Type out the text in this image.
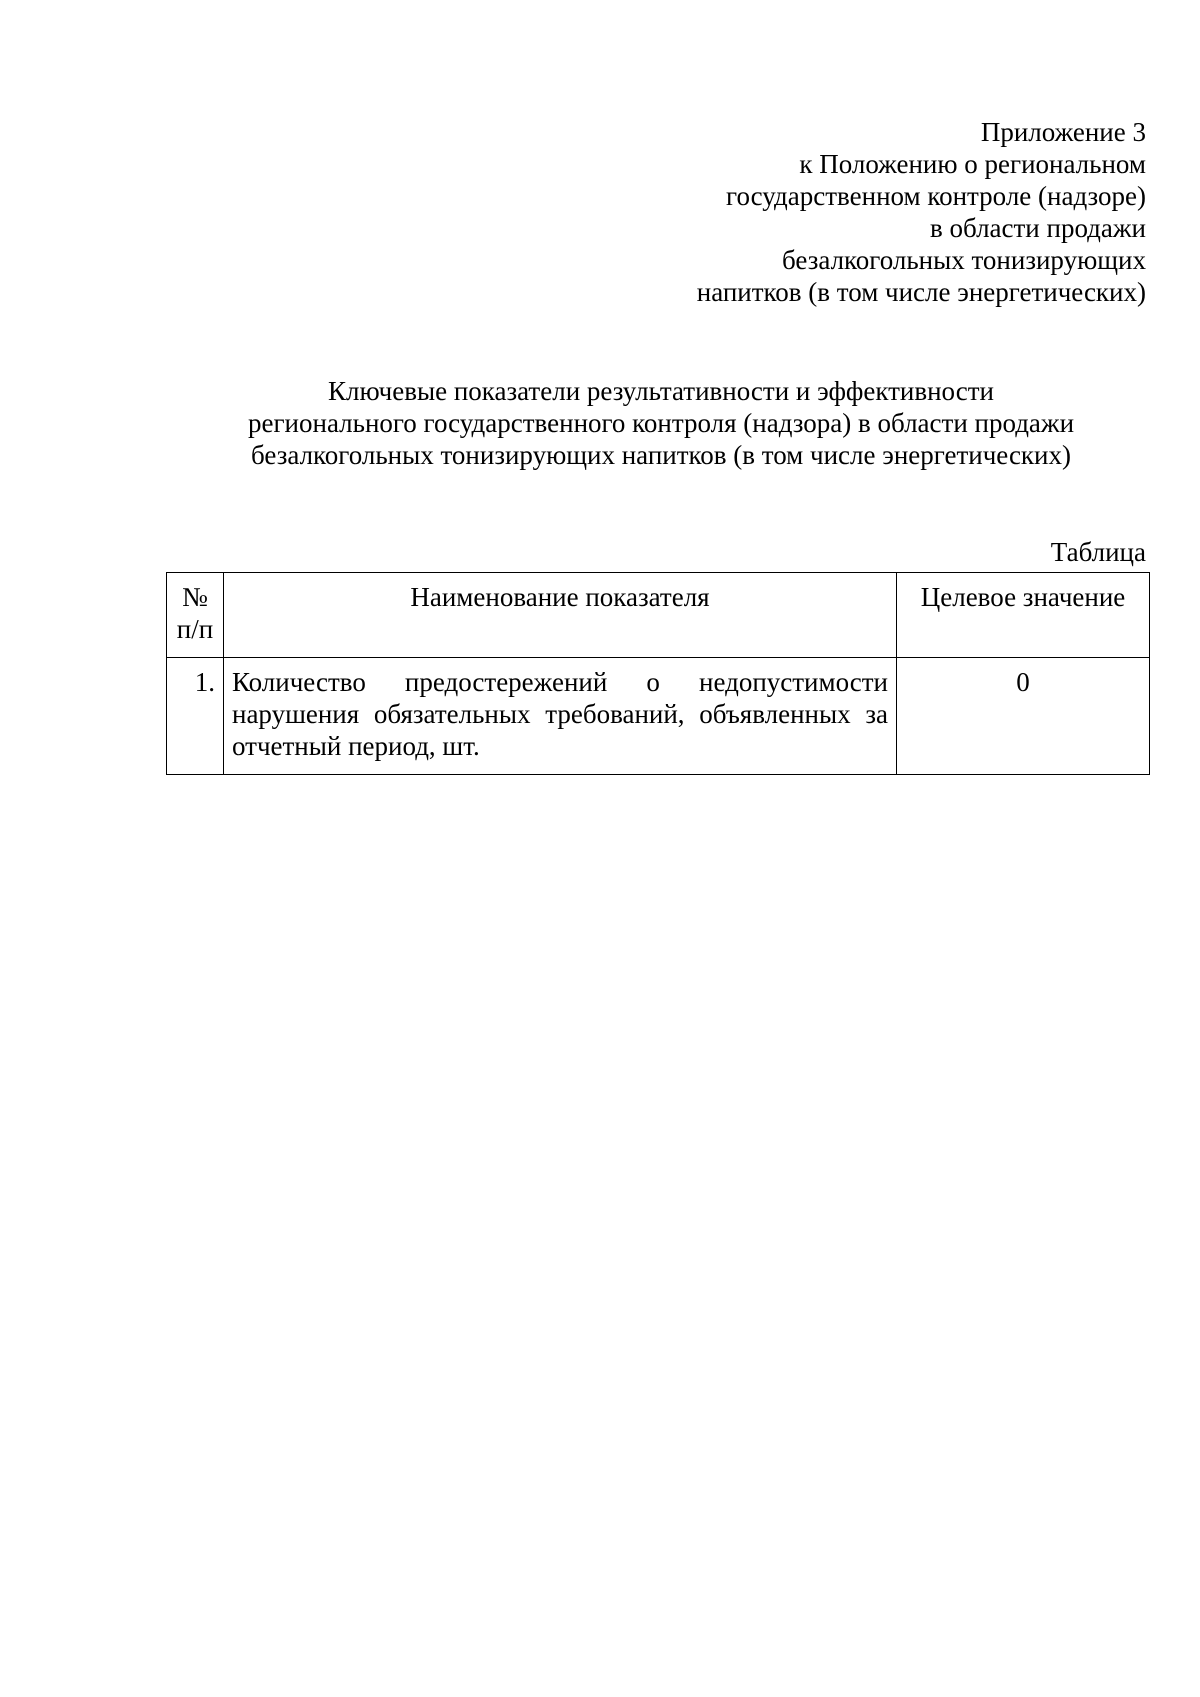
Приложение 3
к Положению о региональном
государственном контроле (надзоре)
в области продажи
безалкогольных тонизирующих
напитков (в том числе энергетических)
Ключевые показатели результативности и эффективности
регионального государственного контроля (надзора) в области продажи
безалкогольных тонизирующих напитков (в том числе энергетических)
Таблица
№ п/п	Наименование показателя	Целевое значение
1.	Количество предостережений о недопустимости нарушения обязательных требований, объявленных за отчетный период, шт.	0
